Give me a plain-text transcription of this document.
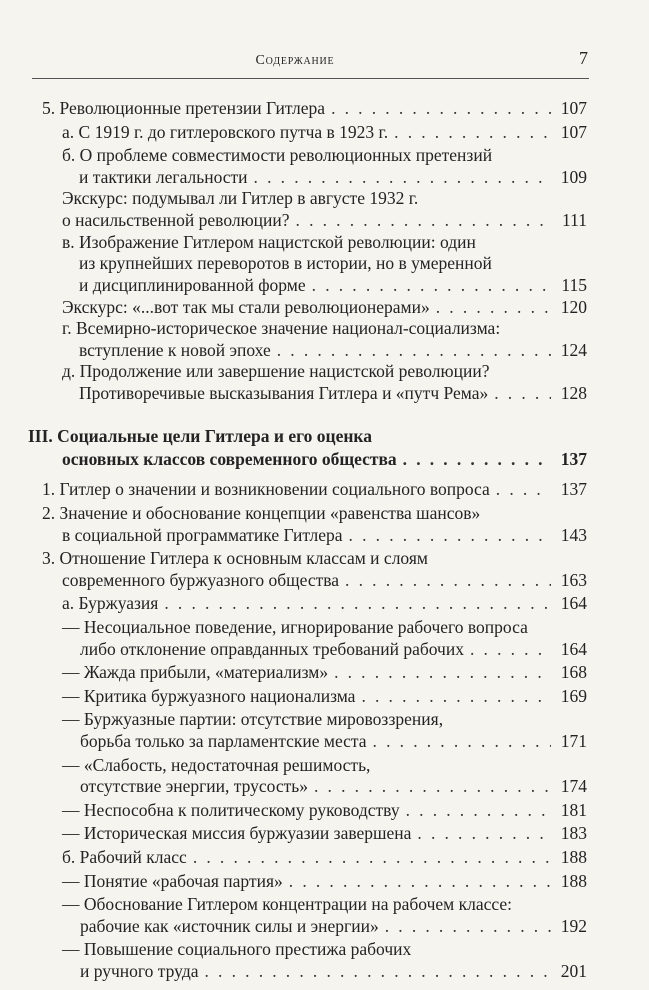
Содержание	7
5. Революционные претензии Гитлера . . .	107
а. С 1919 г. до гитлеровского путча в 1923 г. . . .	107
б. О проблеме совместимости революционных претензий
и тактики легальности . . .	109
Экскурс: подумывал ли Гитлер в августе 1932 г.
о насильственной революции? . . .	111
в. Изображение Гитлером нацистской революции: один
из крупнейших переворотов в истории, но в умеренной
и дисциплинированной форме . . .	115
Экскурс: «...вот так мы стали революционерами» . . .	120
г. Всемирно-историческое значение национал-социализма:
вступление к новой эпохе . . .	124
д. Продолжение или завершение нацистской революции?
Противоречивые высказывания Гитлера и «путч Рема» . . .	128
III. Социальные цели Гитлера и его оценка
основных классов современного общества . . .	137
1. Гитлер о значении и возникновении социального вопроса . . .	137
2. Значение и обоснование концепции «равенства шансов»
в социальной программатике Гитлера . . .	143
3. Отношение Гитлера к основным классам и слоям
современного буржуазного общества . . .	163
а. Буржуазия . . .	164
— Несоциальное поведение, игнорирование рабочего вопроса
либо отклонение оправданных требований рабочих . . .	164
— Жажда прибыли, «материализм» . . .	168
— Критика буржуазного национализма . . .	169
— Буржуазные партии: отсутствие мировоззрения,
борьба только за парламентские места . . .	171
— «Слабость, недостаточная решимость,
отсутствие энергии, трусость» . . .	174
— Неспособна к политическому руководству . . .	181
— Историческая миссия буржуазии завершена . . .	183
б. Рабочий класс . . .	188
— Понятие «рабочая партия» . . .	188
— Обоснование Гитлером концентрации на рабочем классе:
рабочие как «источник силы и энергии» . . .	192
— Повышение социального престижа рабочих
и ручного труда . . .	201
